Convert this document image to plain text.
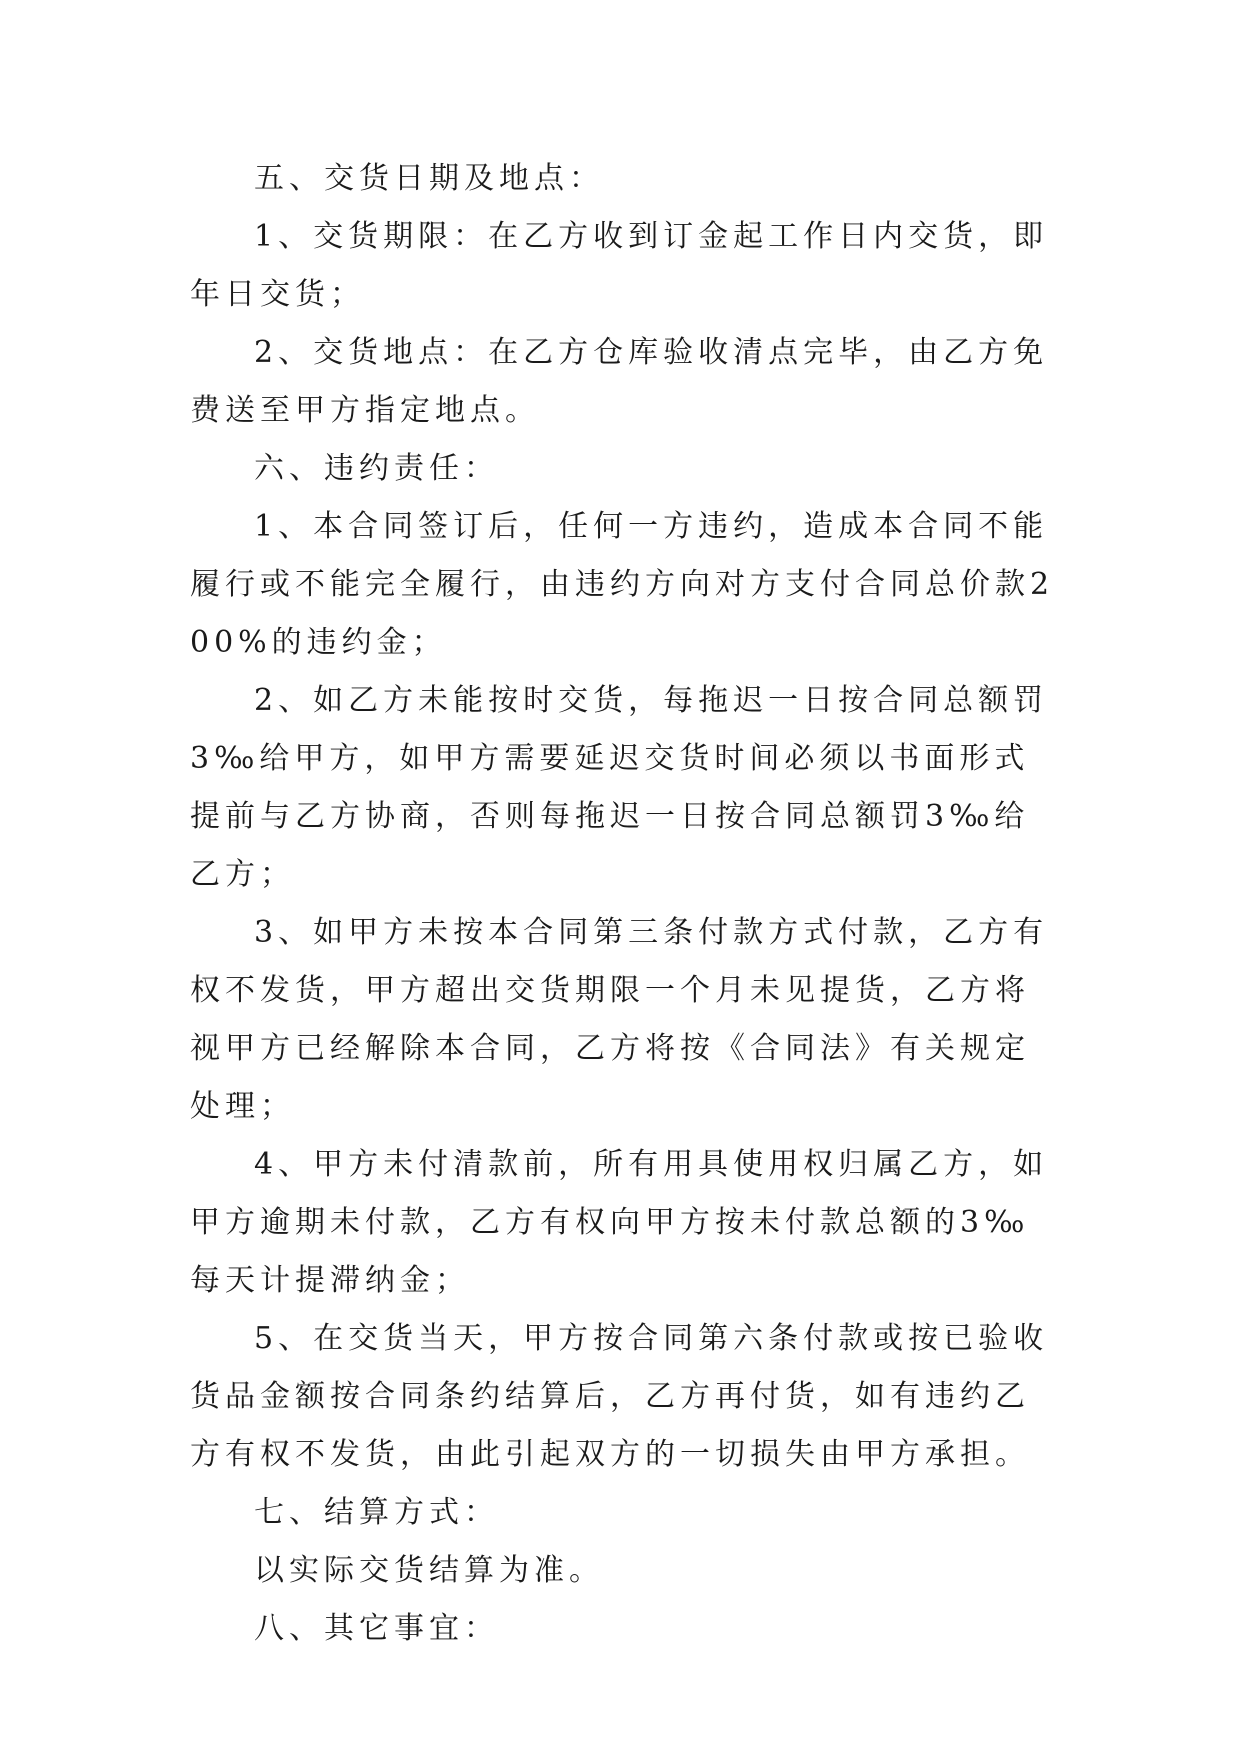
五、交货日期及地点：

1、交货期限：在乙方收到订金起工作日内交货，即年日交货；

2、交货地点：在乙方仓库验收清点完毕，由乙方免费送至甲方指定地点。

六、违约责任：

1、本合同签订后，任何一方违约，造成本合同不能履行或不能完全履行，由违约方向对方支付合同总价款200%的违约金；

2、如乙方未能按时交货，每拖迟一日按合同总额罚3‰给甲方，如甲方需要延迟交货时间必须以书面形式提前与乙方协商，否则每拖迟一日按合同总额罚3‰给乙方；

3、如甲方未按本合同第三条付款方式付款，乙方有权不发货，甲方超出交货期限一个月未见提货，乙方将视甲方已经解除本合同，乙方将按《合同法》有关规定处理；

4、甲方未付清款前，所有用具使用权归属乙方，如甲方逾期未付款，乙方有权向甲方按未付款总额的3‰每天计提滞纳金；

5、在交货当天，甲方按合同第六条付款或按已验收货品金额按合同条约结算后，乙方再付货，如有违约乙方有权不发货，由此引起双方的一切损失由甲方承担。

七、结算方式：

以实际交货结算为准。

八、其它事宜：
